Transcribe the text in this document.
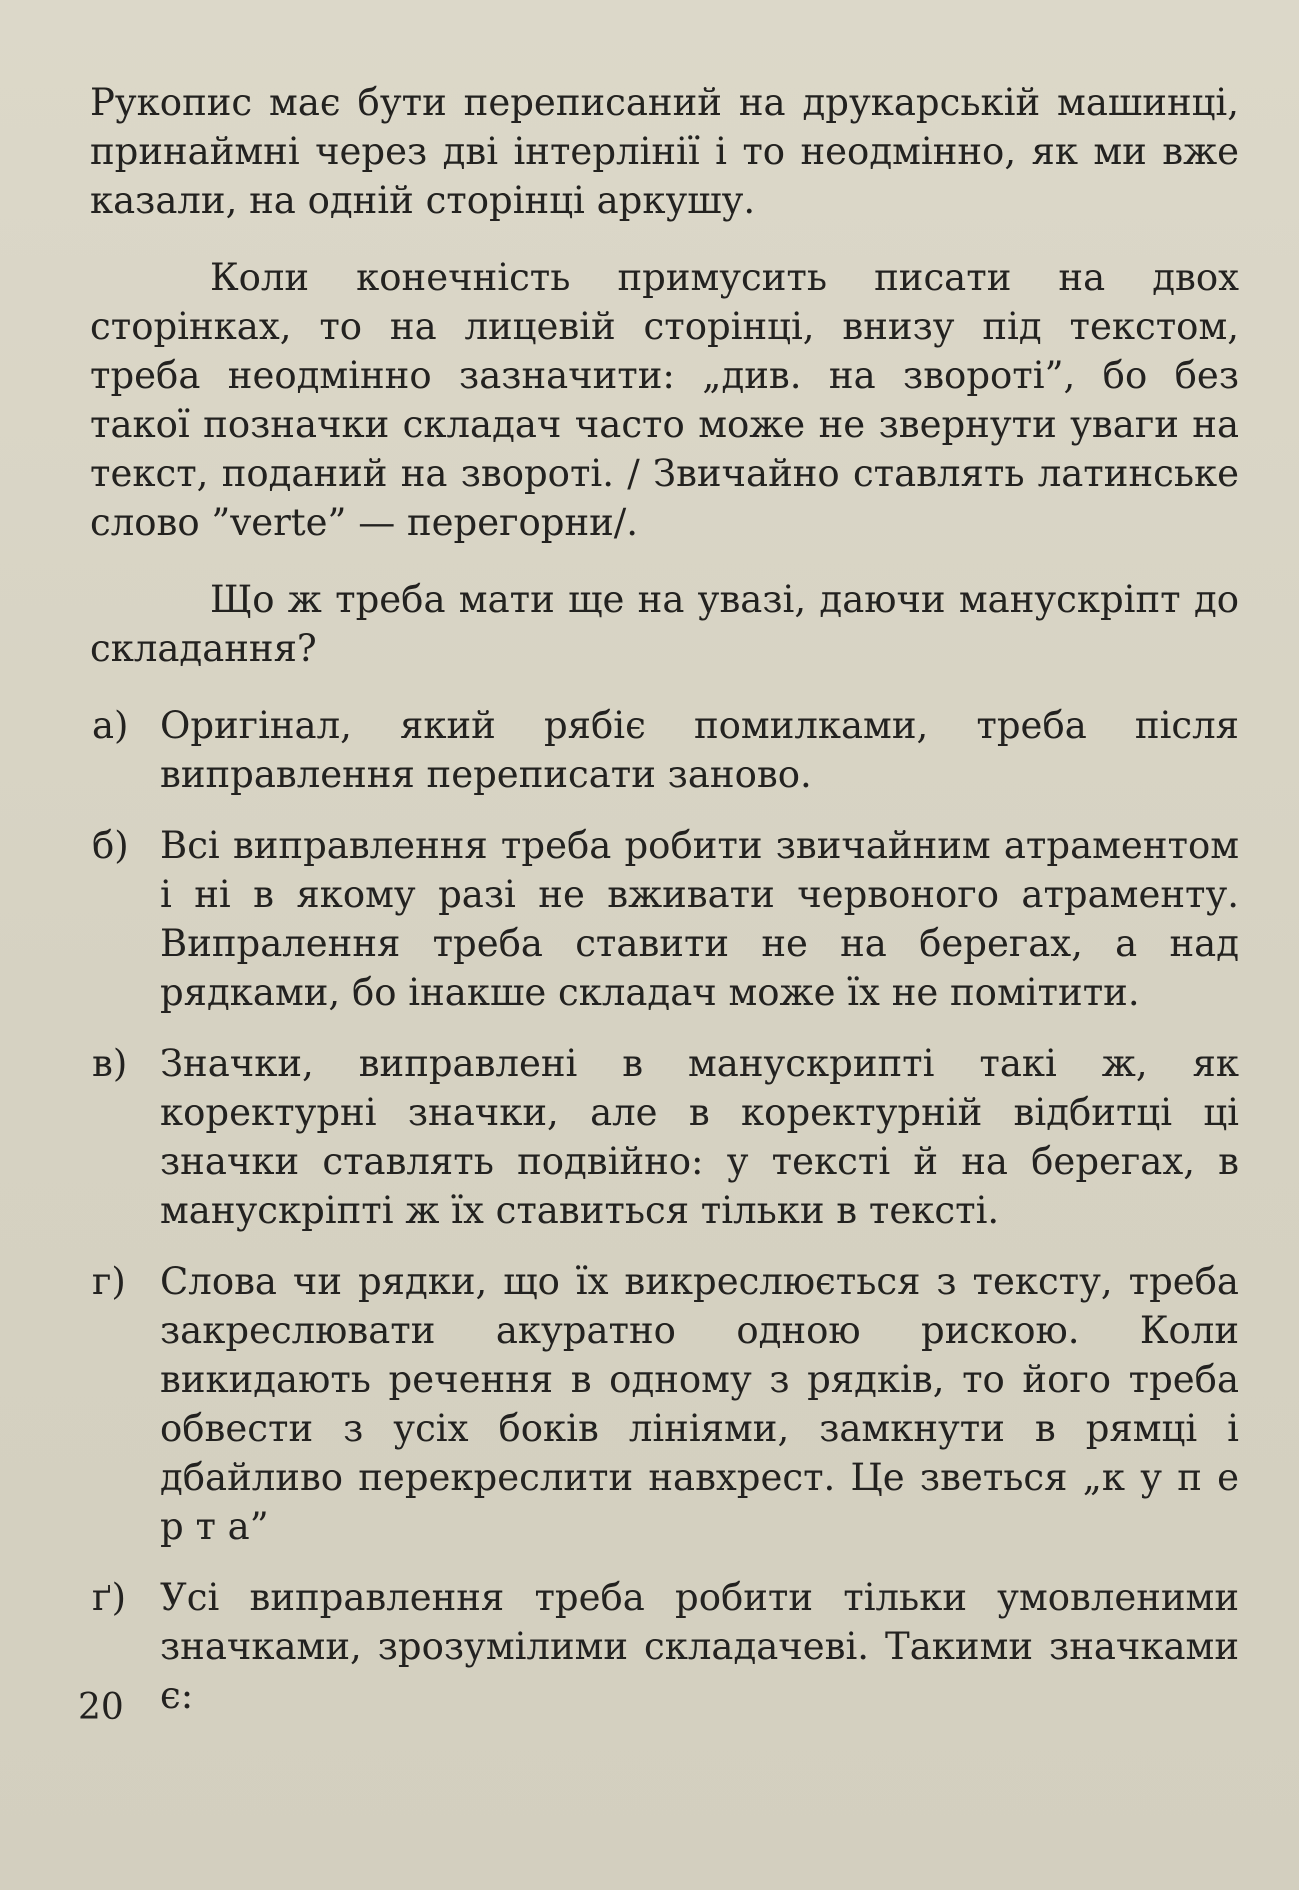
Рукопис має бути переписаний на друкарській машинці, принаймні через дві інтерлінії і то неодмінно, як ми вже казали, на одній сторінці аркушу.

Коли конечність примусить писати на двох сторінках, то на лицевій сторінці, внизу під текстом, треба неодмінно зазначити: „див. на звороті”, бо без такої позначки складач часто може не звернути уваги на текст, поданий на звороті. / Звичайно ставлять латинське слово ”verte” — перегорни/.

Що ж треба мати ще на увазі, даючи манускріпт до складання?

а) Оригінал, який рябіє помилками, треба після виправлення переписати заново.
б) Всі виправлення треба робити звичайним атраментом і ні в якому разі не вживати червоного атраменту. Випралення треба ставити не на берегах, а над рядками, бо інакше складач може їх не помітити.
в) Значки, виправлені в манускрипті такі ж, як коректурні значки, але в коректурній відбитці ці значки ставлять подвійно: у тексті й на берегах, в манускріпті ж їх ставиться тільки в тексті.
г) Слова чи рядки, що їх викреслюється з тексту, треба закреслювати акуратно одною рискою. Коли викидають речення в одному з рядків, то його треба обвести з усіх боків лініями, замкнути в рямці і дбайливо перекреслити навхрест. Це зветься „к у п е р т а”
ґ) Усі виправлення треба робити тільки умовленими значками, зрозумілими складачеві. Такими значками є:
20
